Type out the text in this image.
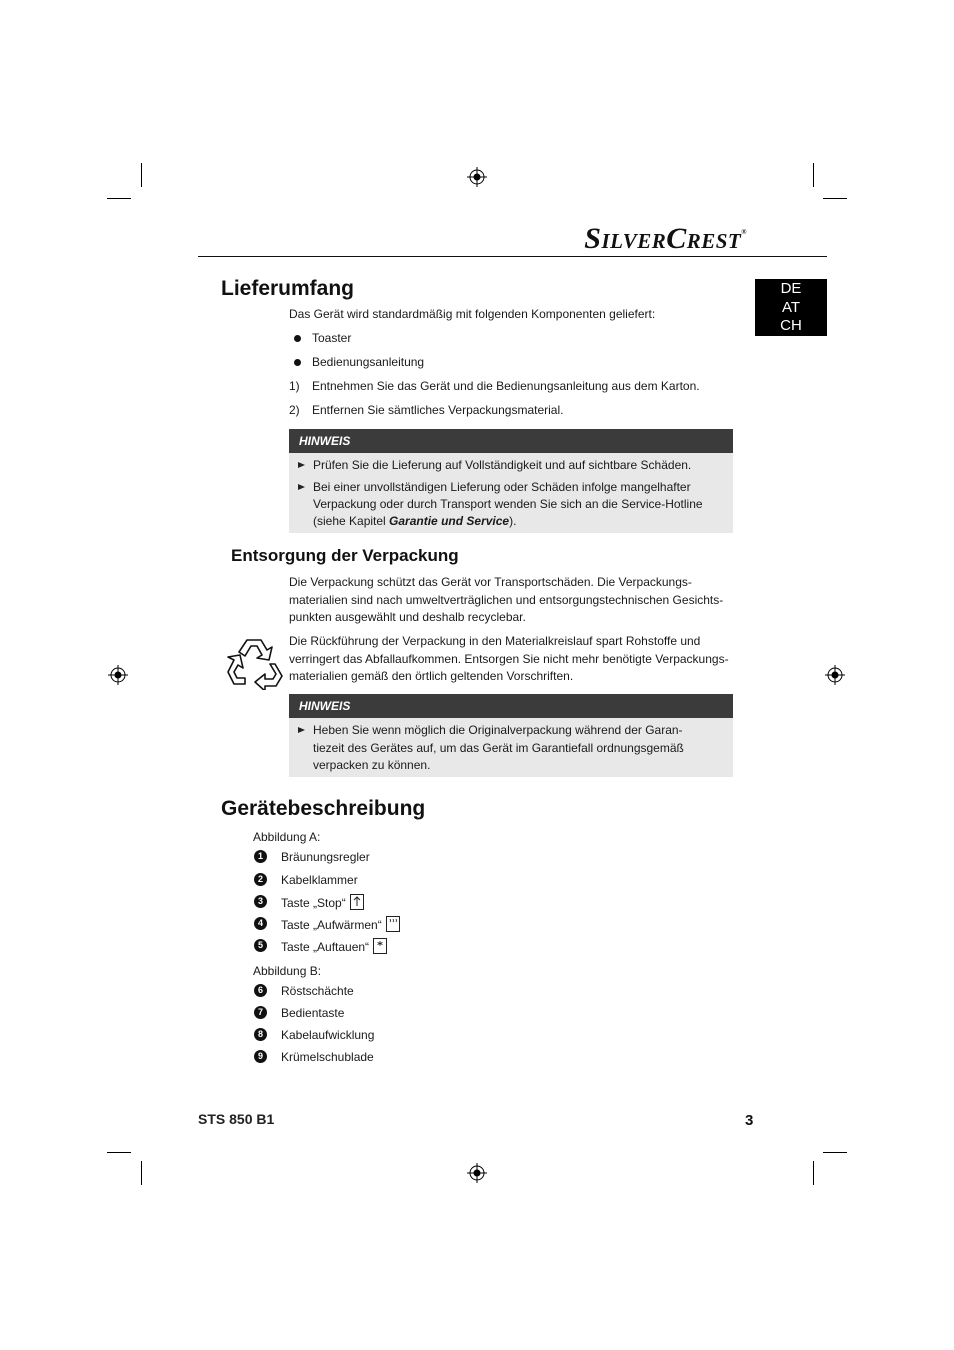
SILVERCREST®
DE
AT
CH
Lieferumfang
Das Gerät wird standardmäßig mit folgenden Komponenten geliefert:
Toaster
Bedienungsanleitung
1) Entnehmen Sie das Gerät und die Bedienungsanleitung aus dem Karton.
2) Entfernen Sie sämtliches Verpackungsmaterial.
HINWEIS
Prüfen Sie die Lieferung auf Vollständigkeit und auf sichtbare Schäden.
Bei einer unvollständigen Lieferung oder Schäden infolge mangelhafter
Verpackung oder durch Transport wenden Sie sich an die Service-Hotline
(siehe Kapitel Garantie und Service).
Entsorgung der Verpackung
Die Verpackung schützt das Gerät vor Transportschäden. Die Verpackungs-
materialien sind nach umweltverträglichen und entsorgungstechnischen Gesichts-
punkten ausgewählt und deshalb recyclebar.
Die Rückführung der Verpackung in den Materialkreislauf spart Rohstoffe und
verringert das Abfallaufkommen. Entsorgen Sie nicht mehr benötigte Verpackungs-
materialien gemäß den örtlich geltenden Vorschriften.
HINWEIS
Heben Sie wenn möglich die Originalverpackung während der Garan-
tiezeit des Gerätes auf, um das Gerät im Garantiefall ordnungsgemäß
verpacken zu können.
Gerätebeschreibung
Abbildung A:
1	Bräunungsregler
2	Kabelklammer
3	Taste „Stop“
4	Taste „Aufwärmen“
5	Taste „Auftauen“
Abbildung B:
6	Röstschächte
7	Bedientaste
8	Kabelaufwicklung
9	Krümelschublade
STS 850 B1	3
